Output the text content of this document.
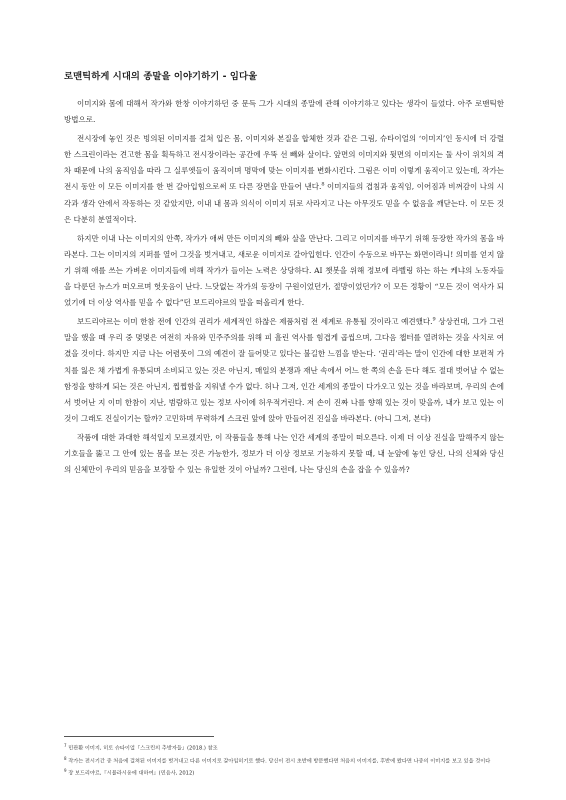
로맨틱하게 시대의 종말을 이야기하기 - 임다울

이미지와 몸에 대해서 작가와 한창 이야기하던 중 문득 그가 시대의 종말에 관해 이야기하고 있다는 생각이 들었다. 아주 로맨틱한 방법으로.

전시장에 놓인 것은 빙의된 이미지를 걸쳐 입은 몸, 이미지와 본질을 합체한 것과 같은 그림, 슈타이얼의 ‘이미지’인 동시에 더 강렬한 스크린이라는 견고한 몸을 획득하고 전시장이라는 공간에 우뚝 선 빼와 살이다. 앞면의 이미지와 뒷면의 이미지는 둘 사이 위치의 격차 때문에 나의 움직임을 따라 그 실루엣들이 움직이며 명막에 맞는 이미지를 변화시킨다. 그림은 이미 이렇게 움직이고 있는데, 작가는 전시 동안 이 모든 이미지를 한 번 갈아입힘으로써 또 다른 장면을 만들어 낸다.$^8$ 이미지들의 겹침과 움직임, 이어짐과 비껴감이 나의 시각과 생각 안에서 작동하는 것 같았지만, 이내 내 몸과 의식이 이미지 뒤로 사라지고 나는 아무것도 믿을 수 없음을 깨닫는다. 이 모든 것은 다분히 분열적이다.

하지만 이내 나는 이미지의 안쪽, 작가가 애써 만든 이미지의 빼와 살을 만난다. 그리고 이미지를 바꾸기 위해 등장한 작가의 몸을 바라본다. 그는 이미지의 지퍼를 열어 그것을 벗겨내고, 새로운 이미지로 갈아입힌다. 인간이 수동으로 바꾸는 화면이라니! 의미를 얻지 않기 위해 애를 쓰는 가벼운 이미지들에 비해 작가가 들이는 노력은 상당하다. AI 챗봇을 위해 정보에 라벨링 하는 하는 케냐의 노동자들을 다룬던 뉴스가 떠오르며 헛웃음이 난다. 느닷없는 작가의 등장이 구원이었던가, 절망이었던가? 이 모든 정황이 “모든 것이 역사가 되었기에 더 이상 역사를 믿을 수 없다”던 보드리야르의 말을 떠올리게 한다.

보드리야르는 이미 한참 전에 인간의 권리가 세계적인 하찮은 제품처럼 전 세계로 유통될 것이라고 예견했다.$^9$ 상상컨대, 그가 그런 말을 했을 때 우리 중 몇몇은 여전히 자유와 민주주의를 위해 피 흘린 역사를 힘겹게 곱씹으며, 그다음 챕터를 열려하는 것을 사치로 여겼을 것이다. 하지만 지금 나는 어렴풋이 그의 예견이 잘 들어맞고 있다는 불길한 느낌을 받는다. ‘권리’라는 말이 인간에 대한 보편적 가치를 잃은 채 가볍게 유통되며 소비되고 있는 것은 아닌지, 매일의 분쟁과 재난 속에서 어느 한 쪽의 손을 든다 해도 절대 벗어날 수 없는 함정을 향하게 되는 것은 아닌지, 찝찝함을 지워낼 수가 없다. 허나 그저, 인간 세계의 종말이 다가오고 있는 것을 바라보며, 우리의 손에서 벗어난 지 이미 한참이 지난, 범람하고 있는 정보 사이에 허우적거린다. 저 손이 진짜 나를 향해 있는 것이 맞을까, 내가 보고 있는 이것이 그래도 진실이기는 할까? 고민하며 무력하게 스크린 앞에 앉아 만들어진 진실을 바라본다. (아니 그저, 본다)

작품에 대한 과대한 해석일지 모르겠지만, 이 작품들을 통해 나는 인간 세계의 종말이 떠오른다. 이제 더 이상 진실을 말해주지 않는 기호들을 뚫고 그 안에 있는 몸을 보는 것은 가능한가, 정보가 더 이상 정보로 기능하지 못할 때, 내 눈앞에 놓인 당신, 나의 신체와 당신의 신체만이 우리의 믿음을 보장할 수 있는 유일한 것이 아닐까? 그런데, 나는 당신의 손을 잡을 수 있을까?

$^7$ 민관환 이미지, 히토 슈타이얼『스크린의 추방자들』(2018.) 참조

$^8$ 작가는 전시기간 중 처음에 걸쳐된 이미지를 벗겨내고 다른 이미지로 갈아입히기로 했다. 당신이 전시 초반에 방문했다면 처음의 이미지를, 후반에 왔다면 나중의 이미지를 보고 있을 것이다

$^9$ 장 보드리야르,『시뮬라시옹에 대하여』(민음사, 2012)
